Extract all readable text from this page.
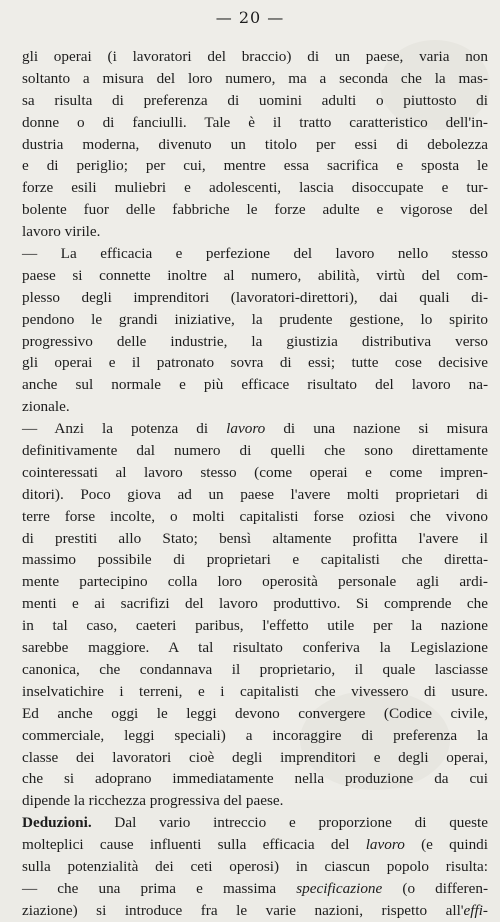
— 20 —
gli operai (i lavoratori del braccio) di un paese, varia non
soltanto a misura del loro numero, ma a seconda che la mas-
sa risulta di preferenza di uomini adulti o piuttosto di
donne o di fanciulli. Tale è il tratto caratteristico dell'in-
dustria moderna, divenuto un titolo per essi di debolezza
e di periglio; per cui, mentre essa sacrifica e sposta le
forze esili muliebri e adolescenti, lascia disoccupate e tur-
bolente fuor delle fabbriche le forze adulte e vigorose del
lavoro virile.
— La efficacia e perfezione del lavoro nello stesso
paese si connette inoltre al numero, abilità, virtù del com-
plesso degli imprenditori (lavoratori-direttori), dai quali di-
pendono le grandi iniziative, la prudente gestione, lo spirito
progressivo delle industrie, la giustizia distributiva verso
gli operai e il patronato sovra di essi; tutte cose decisive
anche sul normale e più efficace risultato del lavoro na-
zionale.
— Anzi la potenza di lavoro di una nazione si misura
definitivamente dal numero di quelli che sono direttamente
cointeressati al lavoro stesso (come operai e come impren-
ditori). Poco giova ad un paese l'avere molti proprietari di
terre forse incolte, o molti capitalisti forse oziosi che vivono
di prestiti allo Stato; bensì altamente profitta l'avere il
massimo possibile di proprietari e capitalisti che diretta-
mente partecipino colla loro operosità personale agli ardi-
menti e ai sacrifizi del lavoro produttivo. Si comprende che
in tal caso, caeteri paribus, l'effetto utile per la nazione
sarebbe maggiore. A tal risultato conferiva la Legislazione
canonica, che condannava il proprietario, il quale lasciasse
inselvatichire i terreni, e i capitalisti che vivessero di usure.
Ed anche oggi le leggi devono convergere (Codice civile,
commerciale, leggi speciali) a incoraggire di preferenza la
classe dei lavoratori cioè degli imprenditori e degli operai,
che si adoprano immediatamente nella produzione da cui
dipende la ricchezza progressiva del paese.
Deduzioni. Dal vario intreccio e proporzione di queste
molteplici cause influenti sulla efficacia del lavoro (e quindi
sulla potenzialità dei ceti operosi) in ciascun popolo risulta:
— che una prima e massima specificazione (o differen-
ziazione) si introduce fra le varie nazioni, rispetto all'effi-
